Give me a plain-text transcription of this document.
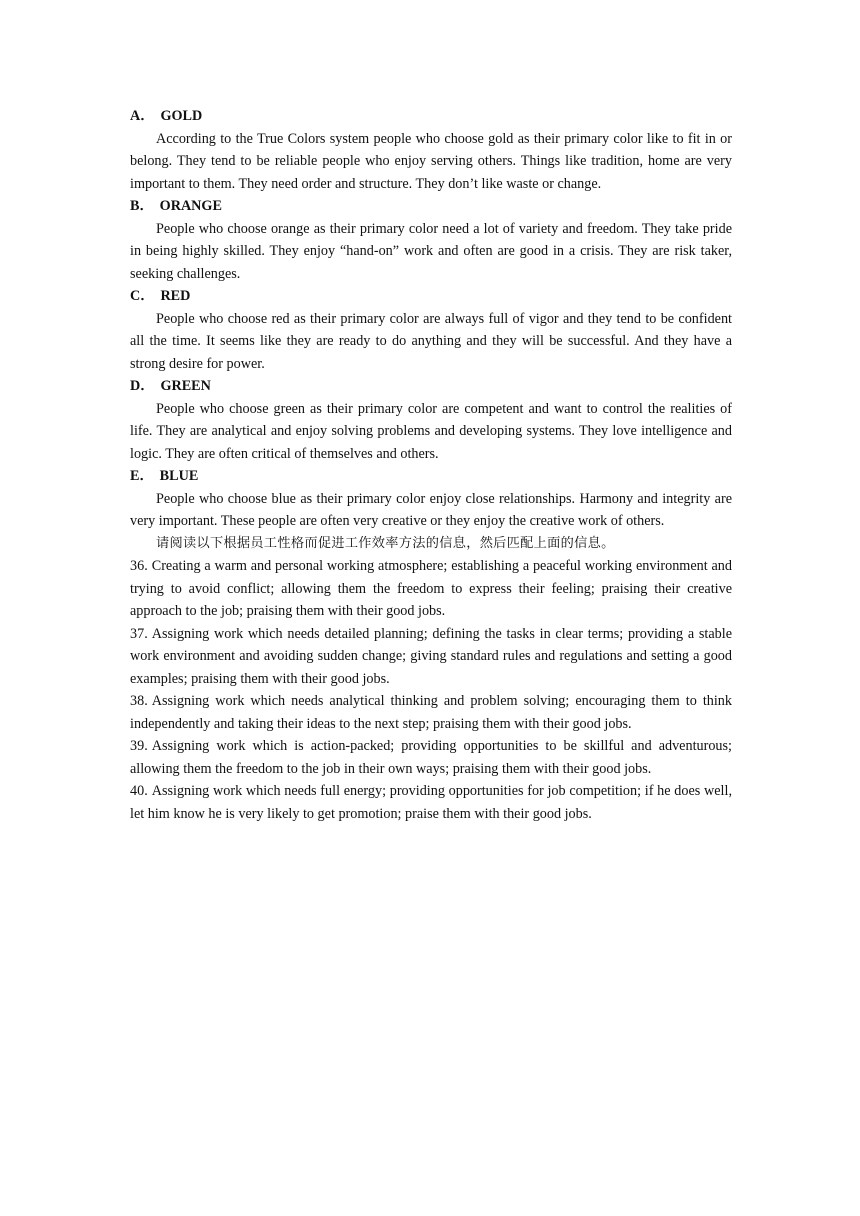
A． GOLD

According to the True Colors system people who choose gold as their primary color like to fit in or belong. They tend to be reliable people who enjoy serving others. Things like tradition, home are very important to them. They need order and structure. They don’t like waste or change.

B． ORANGE

People who choose orange as their primary color need a lot of variety and freedom. They take pride in being highly skilled. They enjoy “hand-on” work and often are good in a crisis. They are risk taker, seeking challenges.

C． RED

People who choose red as their primary color are always full of vigor and they tend to be confident all the time. It seems like they are ready to do anything and they will be successful. And they have a strong desire for power.

D． GREEN

People who choose green as their primary color are competent and want to control the realities of life. They are analytical and enjoy solving problems and developing systems. They love intelligence and logic. They are often critical of themselves and others.

E． BLUE

People who choose blue as their primary color enjoy close relationships. Harmony and integrity are very important. These people are often very creative or they enjoy the creative work of others.

请阅读以下根据员工性格而促进工作效率方法的信息，然后匹配上面的信息。

36. Creating a warm and personal working atmosphere; establishing a peaceful working environment and trying to avoid conflict; allowing them the freedom to express their feeling; praising their creative approach to the job; praising them with their good jobs.

37. Assigning work which needs detailed planning; defining the tasks in clear terms; providing a stable work environment and avoiding sudden change; giving standard rules and regulations and setting a good examples; praising them with their good jobs.

38. Assigning work which needs analytical thinking and problem solving; encouraging them to think independently and taking their ideas to the next step; praising them with their good jobs.

39. Assigning work which is action-packed; providing opportunities to be skillful and adventurous; allowing them the freedom to the job in their own ways; praising them with their good jobs.

40. Assigning work which needs full energy; providing opportunities for job competition; if he does well, let him know he is very likely to get promotion; praise them with their good jobs.
